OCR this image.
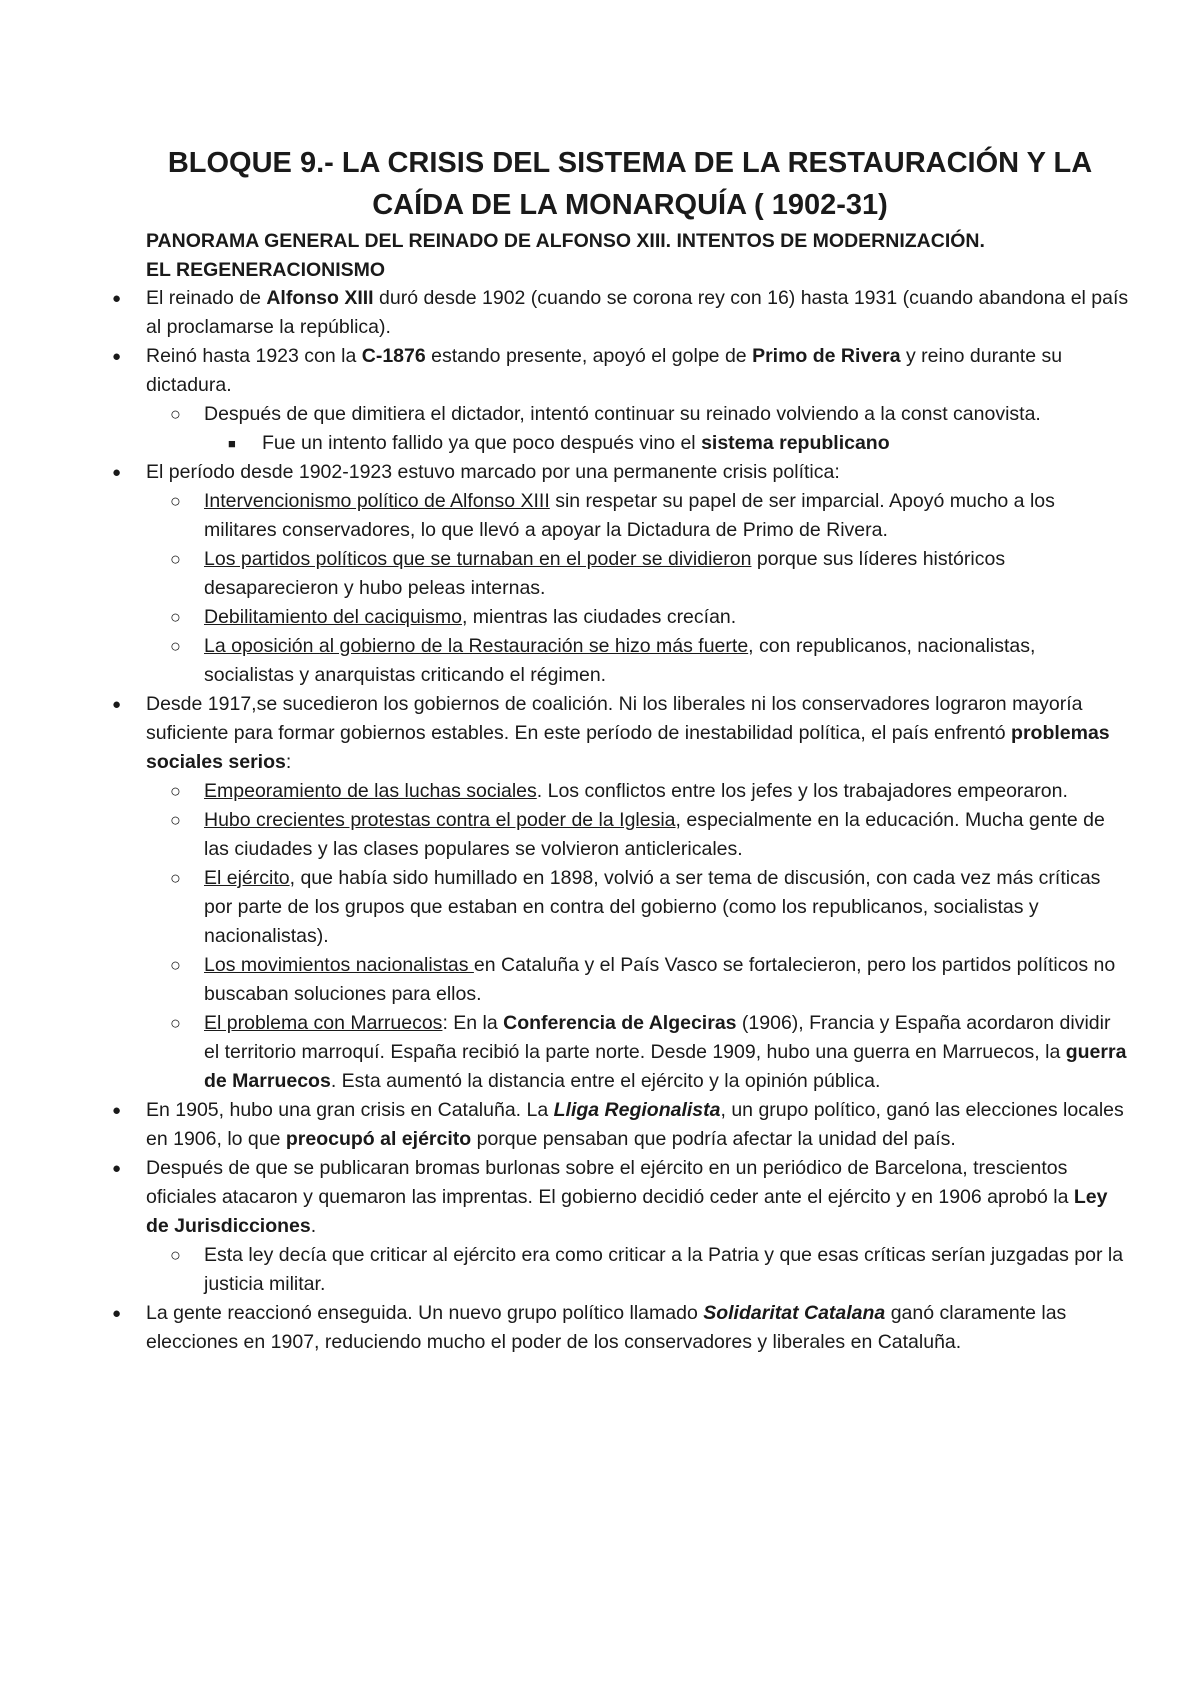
BLOQUE 9.- LA CRISIS DEL SISTEMA DE LA RESTAURACIÓN Y LA
CAÍDA DE LA MONARQUÍA ( 1902-31)
PANORAMA GENERAL DEL REINADO DE ALFONSO XIII. INTENTOS DE MODERNIZACIÓN.
EL REGENERACIONISMO
● El reinado de Alfonso XIII duró desde 1902 (cuando se corona rey con 16) hasta 1931 (cuando abandona el país al proclamarse la república).
● Reinó hasta 1923 con la C-1876 estando presente, apoyó el golpe de Primo de Rivera y reino durante su dictadura.
○ Después de que dimitiera el dictador, intentó continuar su reinado volviendo a la const canovista.
■ Fue un intento fallido ya que poco después vino el sistema republicano
● El período desde 1902-1923 estuvo marcado por una permanente crisis política:
○ Intervencionismo político de Alfonso XIII sin respetar su papel de ser imparcial. Apoyó mucho a los militares conservadores, lo que llevó a apoyar la Dictadura de Primo de Rivera.
○ Los partidos políticos que se turnaban en el poder se dividieron porque sus líderes históricos desaparecieron y hubo peleas internas.
○ Debilitamiento del caciquismo, mientras las ciudades crecían.
○ La oposición al gobierno de la Restauración se hizo más fuerte, con republicanos, nacionalistas, socialistas y anarquistas criticando el régimen.
● Desde 1917,se sucedieron los gobiernos de coalición. Ni los liberales ni los conservadores lograron mayoría suficiente para formar gobiernos estables. En este período de inestabilidad política, el país enfrentó problemas sociales serios:
○ Empeoramiento de las luchas sociales. Los conflictos entre los jefes y los trabajadores empeoraron.
○ Hubo crecientes protestas contra el poder de la Iglesia, especialmente en la educación. Mucha gente de las ciudades y las clases populares se volvieron anticlericales.
○ El ejército, que había sido humillado en 1898, volvió a ser tema de discusión, con cada vez más críticas por parte de los grupos que estaban en contra del gobierno (como los republicanos, socialistas y nacionalistas).
○ Los movimientos nacionalistas en Cataluña y el País Vasco se fortalecieron, pero los partidos políticos no buscaban soluciones para ellos.
○ El problema con Marruecos: En la Conferencia de Algeciras (1906), Francia y España acordaron dividir el territorio marroquí. España recibió la parte norte. Desde 1909, hubo una guerra en Marruecos, la guerra de Marruecos. Esta aumentó la distancia entre el ejército y la opinión pública.
● En 1905, hubo una gran crisis en Cataluña. La Lliga Regionalista, un grupo político, ganó las elecciones locales en 1906, lo que preocupó al ejército porque pensaban que podría afectar la unidad del país.
● Después de que se publicaran bromas burlonas sobre el ejército en un periódico de Barcelona, trescientos oficiales atacaron y quemaron las imprentas. El gobierno decidió ceder ante el ejército y en 1906 aprobó la Ley de Jurisdicciones.
○ Esta ley decía que criticar al ejército era como criticar a la Patria y que esas críticas serían juzgadas por la justicia militar.
● La gente reaccionó enseguida. Un nuevo grupo político llamado Solidaritat Catalana ganó claramente las elecciones en 1907, reduciendo mucho el poder de los conservadores y liberales en Cataluña.
